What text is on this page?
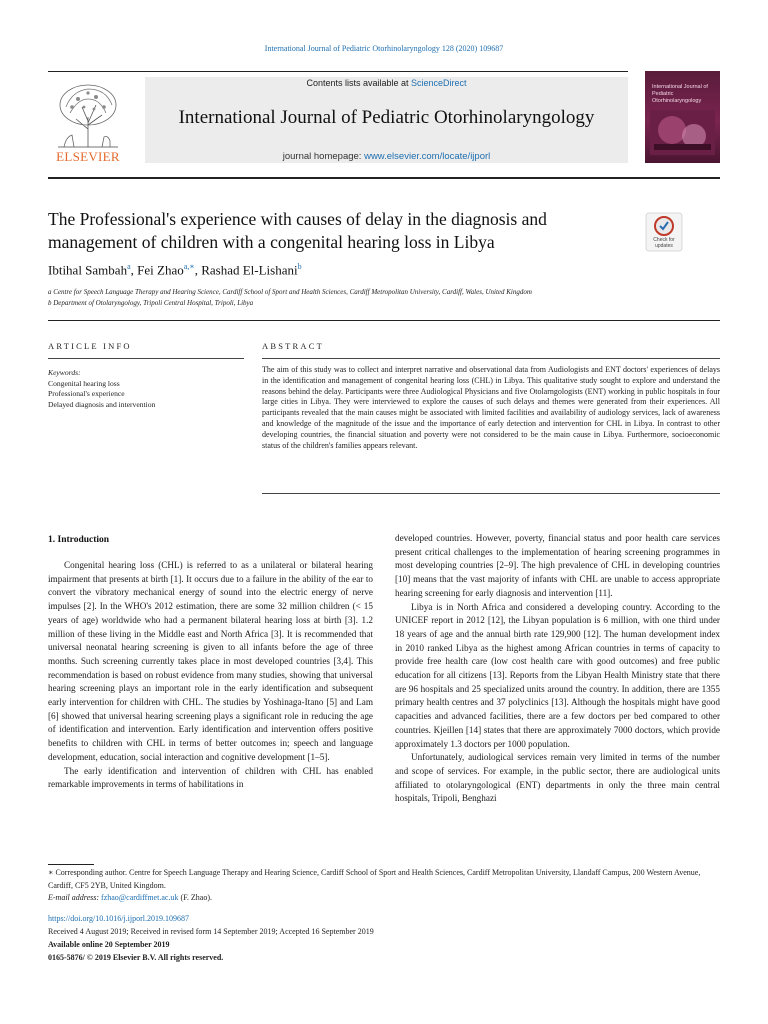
International Journal of Pediatric Otorhinolaryngology 128 (2020) 109687
ELSEVIER
Contents lists available at ScienceDirect
International Journal of Pediatric Otorhinolaryngology
journal homepage: www.elsevier.com/locate/ijporl
International Journal of Pediatric Otorhinolaryngology
The Professional's experience with causes of delay in the diagnosis and management of children with a congenital hearing loss in Libya	Check for
updates
Ibtihal Sambah$^a$, Fei Zhao$^{a,∗}$, Rashad El-Lishani$^b$
a Centre for Speech Language Therapy and Hearing Science, Cardiff School of Sport and Health Sciences, Cardiff Metropolitan University, Cardiff, Wales, United Kingdom
b Department of Otolaryngology, Tripoli Central Hospital, Tripoli, Libya
ARTICLE INFO	ABSTRACT
Keywords:
Congenital hearing loss
Professional's experience
Delayed diagnosis and intervention
The aim of this study was to collect and interpret narrative and observational data from Audiologists and ENT doctors' experiences of delays in the identification and management of congenital hearing loss (CHL) in Libya. This qualitative study sought to explore and understand the reasons behind the delay. Participants were three Audiological Physicians and five Otolarngologists (ENT) working in public hospitals in four large cities in Libya. They were interviewed to explore the causes of such delays and themes were generated from their experiences. All participants revealed that the main causes might be associated with limited facilities and availability of audiology services, lack of awareness and knowledge of the magnitude of the issue and the importance of early detection and intervention for CHL in Libya. In contrast to other developing countries, the financial situation and poverty were not considered to be the main cause in Libya. Furthermore, socioeconomic status of the children's families appears relevant.
1. Introduction

Congenital hearing loss (CHL) is referred to as a unilateral or bilateral hearing impairment that presents at birth [1]. It occurs due to a failure in the ability of the ear to convert the vibratory mechanical energy of sound into the electric energy of nerve impulses [2]. In the WHO's 2012 estimation, there are some 32 million children (< 15 years of age) worldwide who had a permanent bilateral hearing loss at birth [3]. 1.2 million of these living in the Middle east and North Africa [3]. It is recommended that universal neonatal hearing screening is given to all infants before the age of three months. Such screening currently takes place in most developed countries [3,4]. This recommendation is based on robust evidence from many studies, showing that universal hearing screening plays an important role in the early identification and subsequent early intervention for children with CHL. The studies by Yoshinaga-Itano [5] and Lam [6] showed that universal hearing screening plays a significant role in reducing the age of identification and intervention. Early identification and intervention offers positive benefits to children with CHL in terms of better outcomes in; speech and language development, education, social interaction and cognitive development [1–5].

The early identification and intervention of children with CHL has enabled remarkable improvements in terms of habilitations in

developed countries. However, poverty, financial status and poor health care services present critical challenges to the implementation of hearing screening programmes in most developing countries [2–9]. The high prevalence of CHL in developing countries [10] means that the vast majority of infants with CHL are unable to access appropriate hearing screening for early diagnosis and intervention [11].

Libya is in North Africa and considered a developing country. According to the UNICEF report in 2012 [12], the Libyan population is 6 million, with one third under 18 years of age and the annual birth rate 129,900 [12]. The human development index in 2010 ranked Libya as the highest among African countries in terms of capacity to provide free health care (low cost health care with good outcomes) and free public education for all citizens [13]. Reports from the Libyan Health Ministry state that there are 96 hospitals and 25 specialized units around the country. In addition, there are 1355 primary health centres and 37 polyclinics [13]. Although the hospitals might have good capacities and advanced facilities, there are a few doctors per bed compared to other countries. Kjeillen [14] states that there are approximately 7000 doctors, which provide approximately 1.3 doctors per 1000 population.

Unfortunately, audiological services remain very limited in terms of the number and scope of services. For example, in the public sector, there are audiological units affiliated to otolaryngological (ENT) departments in only the three main central hospitals, Tripoli, Benghazi

∗ Corresponding author. Centre for Speech Language Therapy and Hearing Science, Cardiff School of Sport and Health Sciences, Cardiff Metropolitan University, Llandaff Campus, 200 Western Avenue, Cardiff, CF5 2YB, United Kingdom.
E-mail address: fzhao@cardiffmet.ac.uk (F. Zhao).
https://doi.org/10.1016/j.ijporl.2019.109687
Received 4 August 2019; Received in revised form 14 September 2019; Accepted 16 September 2019
Available online 20 September 2019
0165-5876/ © 2019 Elsevier B.V. All rights reserved.
